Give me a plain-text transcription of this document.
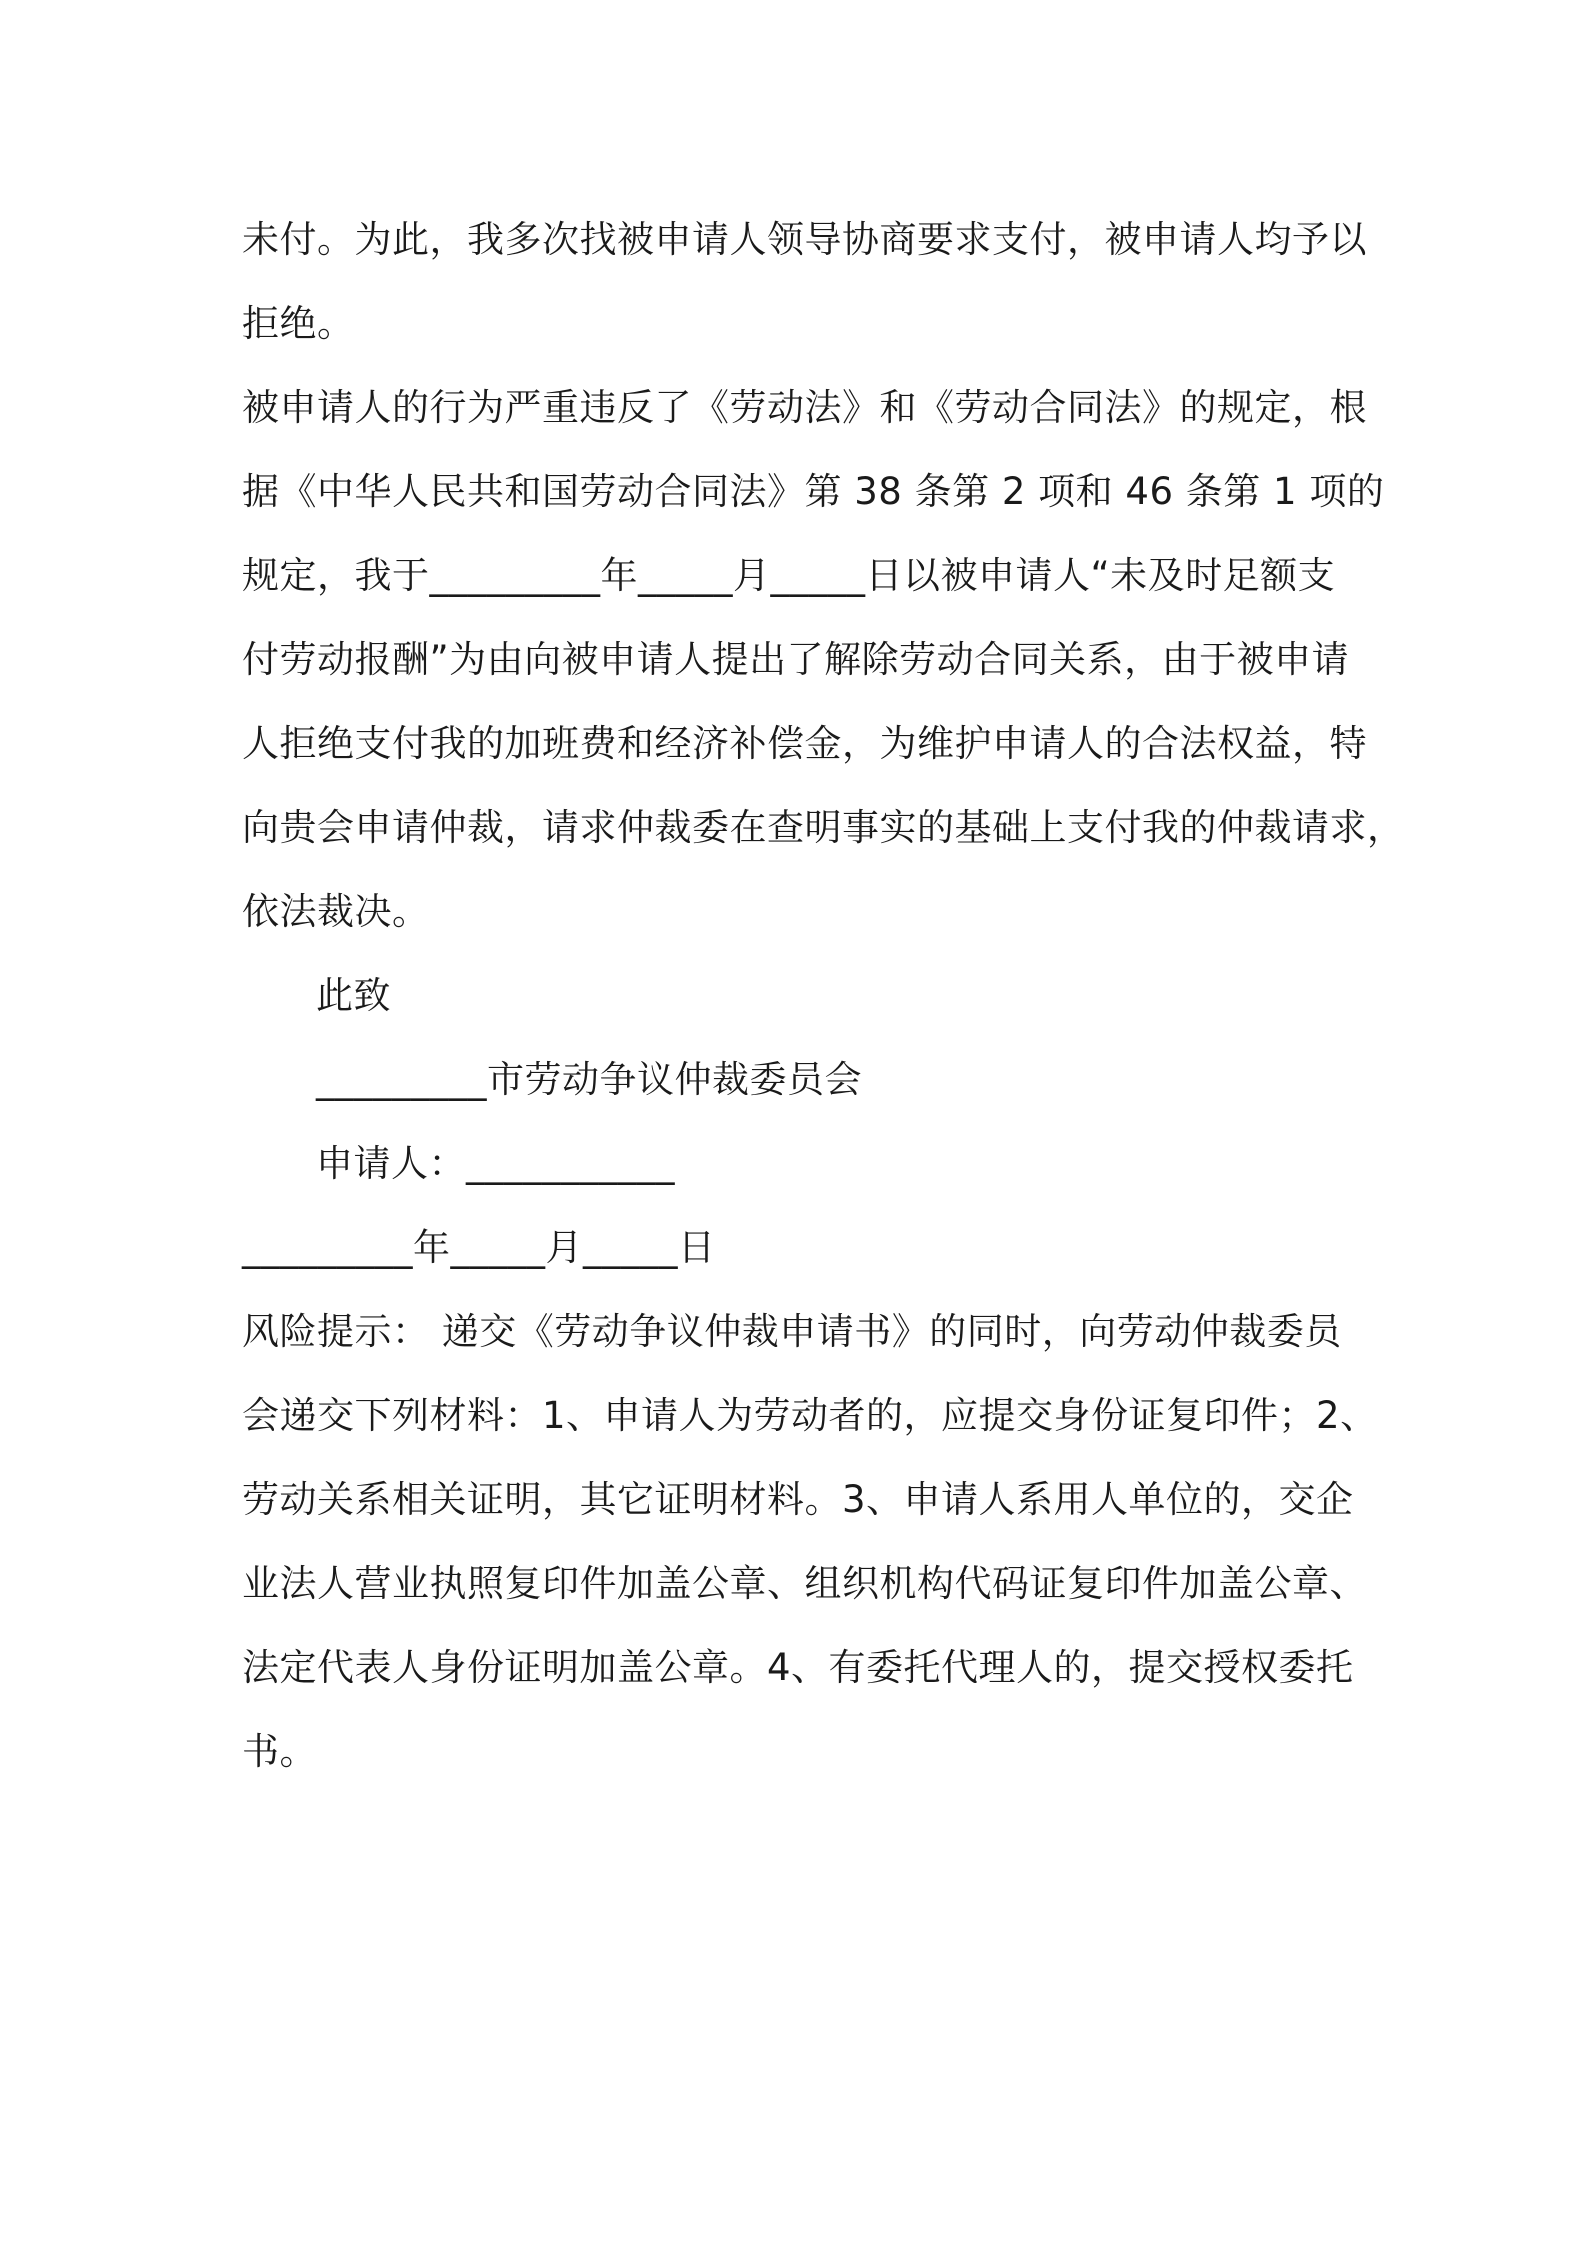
未付。为此，我多次找被申请人领导协商要求支付，被申请人均予以
拒绝。
被申请人的行为严重违反了《劳动法》和《劳动合同法》的规定，根
据《中华人民共和国劳动合同法》第 38 条第 2 项和 46 条第 1 项的
规定，我于_________年_____月_____日以被申请人“未及时足额支
付劳动报酬”为由向被申请人提出了解除劳动合同关系，由于被申请
人拒绝支付我的加班费和经济补偿金，为维护申请人的合法权益，特
向贵会申请仲裁，请求仲裁委在查明事实的基础上支付我的仲裁请求，
依法裁决。
此致
_________市劳动争议仲裁委员会
申请人：___________
_________年_____月_____日
风险提示： 递交《劳动争议仲裁申请书》的同时，向劳动仲裁委员
会递交下列材料：1、申请人为劳动者的，应提交身份证复印件；2、
劳动关系相关证明，其它证明材料。3、申请人系用人单位的，交企
业法人营业执照复印件加盖公章、组织机构代码证复印件加盖公章、
法定代表人身份证明加盖公章。4、有委托代理人的，提交授权委托
书。
